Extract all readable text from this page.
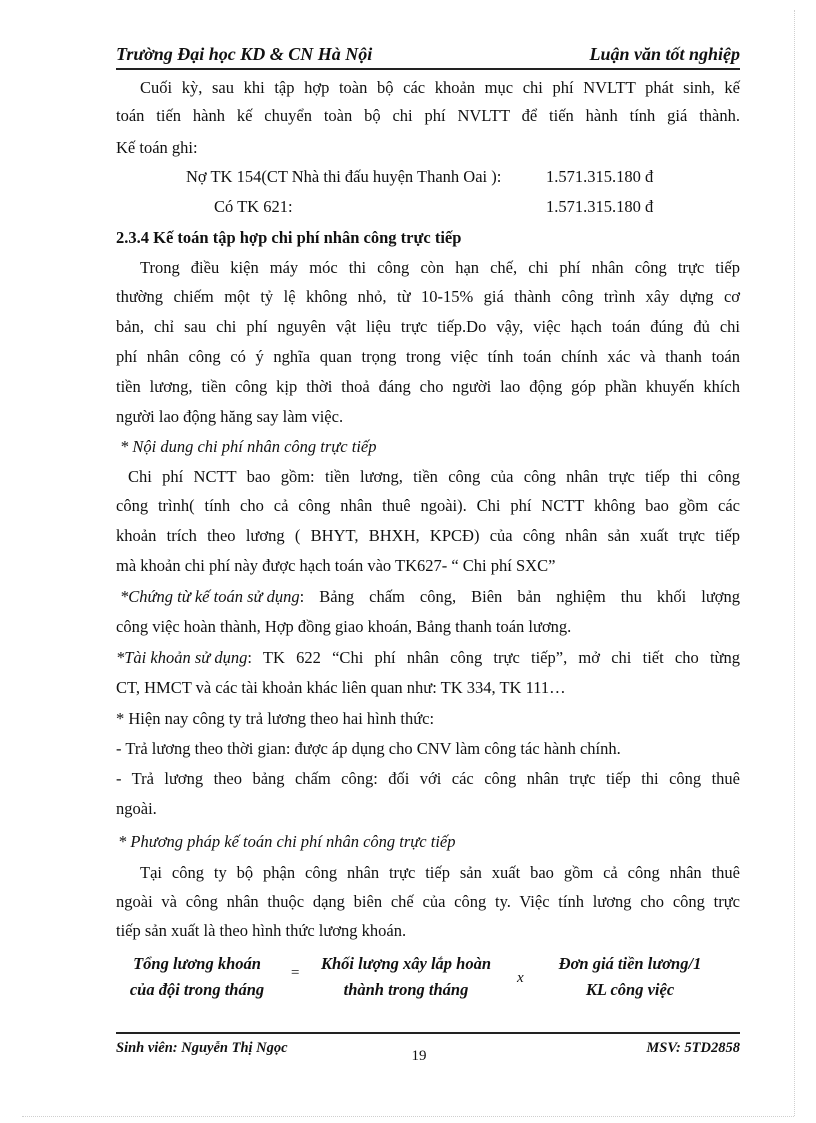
Trường Đại học KD & CN Hà Nội	Luận văn tốt nghiệp
Cuối kỳ, sau khi tập hợp toàn bộ các khoản mục chi phí NVLTT phát sinh, kế
toán tiến hành kế chuyển toàn bộ chi phí NVLTT để tiến hành tính giá thành.
Kế toán ghi:
Nợ TK 154(CT Nhà thi đấu huyện Thanh Oai ):	1.571.315.180 đ
Có TK 621:	1.571.315.180 đ
2.3.4 Kế toán tập hợp chi phí nhân công trực tiếp
Trong điều kiện máy móc thi công còn hạn chế, chi phí nhân công trực tiếp
thường chiếm một tỷ lệ không nhỏ, từ 10-15% giá thành công trình xây dựng cơ
bản, chỉ sau chi phí nguyên vật liệu trực tiếp.Do vậy, việc hạch toán đúng đủ chi
phí nhân công có ý nghĩa quan trọng trong việc tính toán chính xác và thanh toán
tiền lương, tiền công kịp thời thoả đáng cho người lao động góp phần khuyến khích
người lao động hăng say làm việc.
* Nội dung chi phí nhân công trực tiếp
Chi phí NCTT bao gồm: tiền lương, tiền công của công nhân trực tiếp thi công
công trình( tính cho cả công nhân thuê ngoài). Chi phí NCTT không bao gồm các
khoản trích theo lương ( BHYT, BHXH, KPCĐ) của công nhân sản xuất trực tiếp
mà khoản chi phí này được hạch toán vào TK627- “ Chi phí SXC”
*Chứng từ kế toán sử dụng : Bảng chấm công, Biên bản nghiệm thu khối lượng
công việc hoàn thành, Hợp đồng giao khoán, Bảng thanh toán lương.
*Tài khoản sử dụng : TK 622 “Chi phí nhân công trực tiếp”, mở chi tiết cho từng
CT, HMCT và các tài khoản khác liên quan như: TK 334, TK 111…
* Hiện nay công ty trả lương theo hai hình thức:
- Trả lương theo thời gian: được áp dụng cho CNV làm công tác hành chính.
- Trả lương theo bảng chấm công: đối với các công nhân trực tiếp thi công thuê
ngoài.
* Phương pháp kế toán chi phí nhân công trực tiếp
Tại công ty bộ phận công nhân trực tiếp sản xuất bao gồm cả công nhân thuê
ngoài và công nhân thuộc dạng biên chế của công ty. Việc tính lương cho công trực
tiếp sản xuất là theo hình thức lương khoán.
Tổng lương khoán
của đội trong tháng
=	Khối lượng xây lắp hoàn
thành trong tháng
x
Đơn giá tiền lương/1
KL công việc
Sinh viên: Nguyễn Thị Ngọc	19	MSV: 5TD2858
